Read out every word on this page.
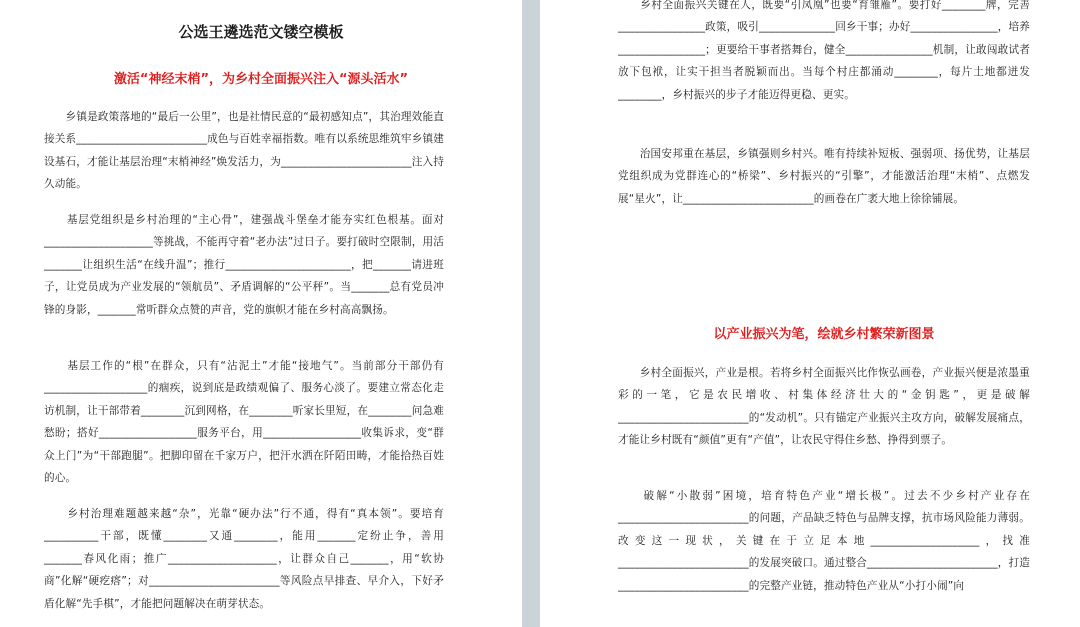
公选王遴选范文镂空模板
激活“神经末梢”，为乡村全面振兴注入“源头活水”

　　乡镇是政策落地的“最后一公里”，也是社情民意的“最初感知点”，其治理效能直接关系________________________成色与百姓幸福指数。唯有以系统思维筑牢乡镇建设基石，才能让基层治理“末梢神经”焕发活力，为________________________注入持久动能。

　　基层党组织是乡村治理的“主心骨”，建强战斗堡垒才能夯实红色根基。面对____________________等挑战，不能再守着“老办法”过日子。要打破时空限制，用活_______让组织生活“在线升温”；推行_______________________，把_______请进班子，让党员成为产业发展的“领航员”、矛盾调解的“公平秤”。当_______总有党员冲锋的身影，_______常听群众点赞的声音，党的旗帜才能在乡村高高飘扬。

　　基层工作的“根”在群众，只有“沾泥土”才能“接地气”。当前部分干部仍有___________________的痼疾，说到底是政绩观偏了、服务心淡了。要建立常态化走访机制，让干部带着________沉到网格，在________听家长里短，在________问急难愁盼；搭好__________________服务平台，用__________________收集诉求，变“群众上门”为“干部跑腿”。把脚印留在千家万户，把汗水洒在阡陌田畴，才能拾热百姓的心。

　　乡村治理难题越来越“杂”，光靠“硬办法”行不通，得有“真本领”。要培育__________干部，既懂________又通________，能用_______定纷止争，善用_______春风化雨；推广____________________，让群众自己_______，用“软协商”化解“硬疙瘩”；对________________________等风险点早排查、早介入，下好矛盾化解“先手棋”，才能把问题解决在萌芽状态。

　　乡村全面振兴关键在人，既要“引凤凰”也要“育雏雁”。要打好________牌，完善________________政策，吸引______________回乡干事；办好________________，培养________________；更要给干事者搭舞台，健全________________机制，让敢闯敢试者放下包袱，让实干担当者脱颖而出。当每个村庄都涌动________，每片土地都迸发________，乡村振兴的步子才能迈得更稳、更实。

　　治国安邦重在基层，乡镇强则乡村兴。唯有持续补短板、强弱项、扬优势，让基层党组织成为党群连心的“桥梁”、乡村振兴的“引擎”，才能激活治理“末梢”、点燃发展“星火”，让________________________的画卷在广袤大地上徐徐铺展。

以产业振兴为笔，绘就乡村繁荣新图景

　　乡村全面振兴，产业是根。若将乡村全面振兴比作恢弘画卷，产业振兴便是浓墨重彩的一笔，它是农民增收、村集体经济壮大的“金钥匙”，更是破解________________________的“发动机”。只有锚定产业振兴主攻方向，破解发展痛点，才能让乡村既有“颜值”更有“产值”，让农民守得住乡愁、挣得到票子。

　　破解“小散弱”困境，培育特色产业“增长极”。过去不少乡村产业存在________________________的问题，产品缺乏特色与品牌支撑，抗市场风险能力薄弱。改变这一现状，关键在于立足本地____________________，找准________________________的发展突破口。通过整合________________________，打造________________________的完整产业链，推动特色产业从“小打小闹”向
